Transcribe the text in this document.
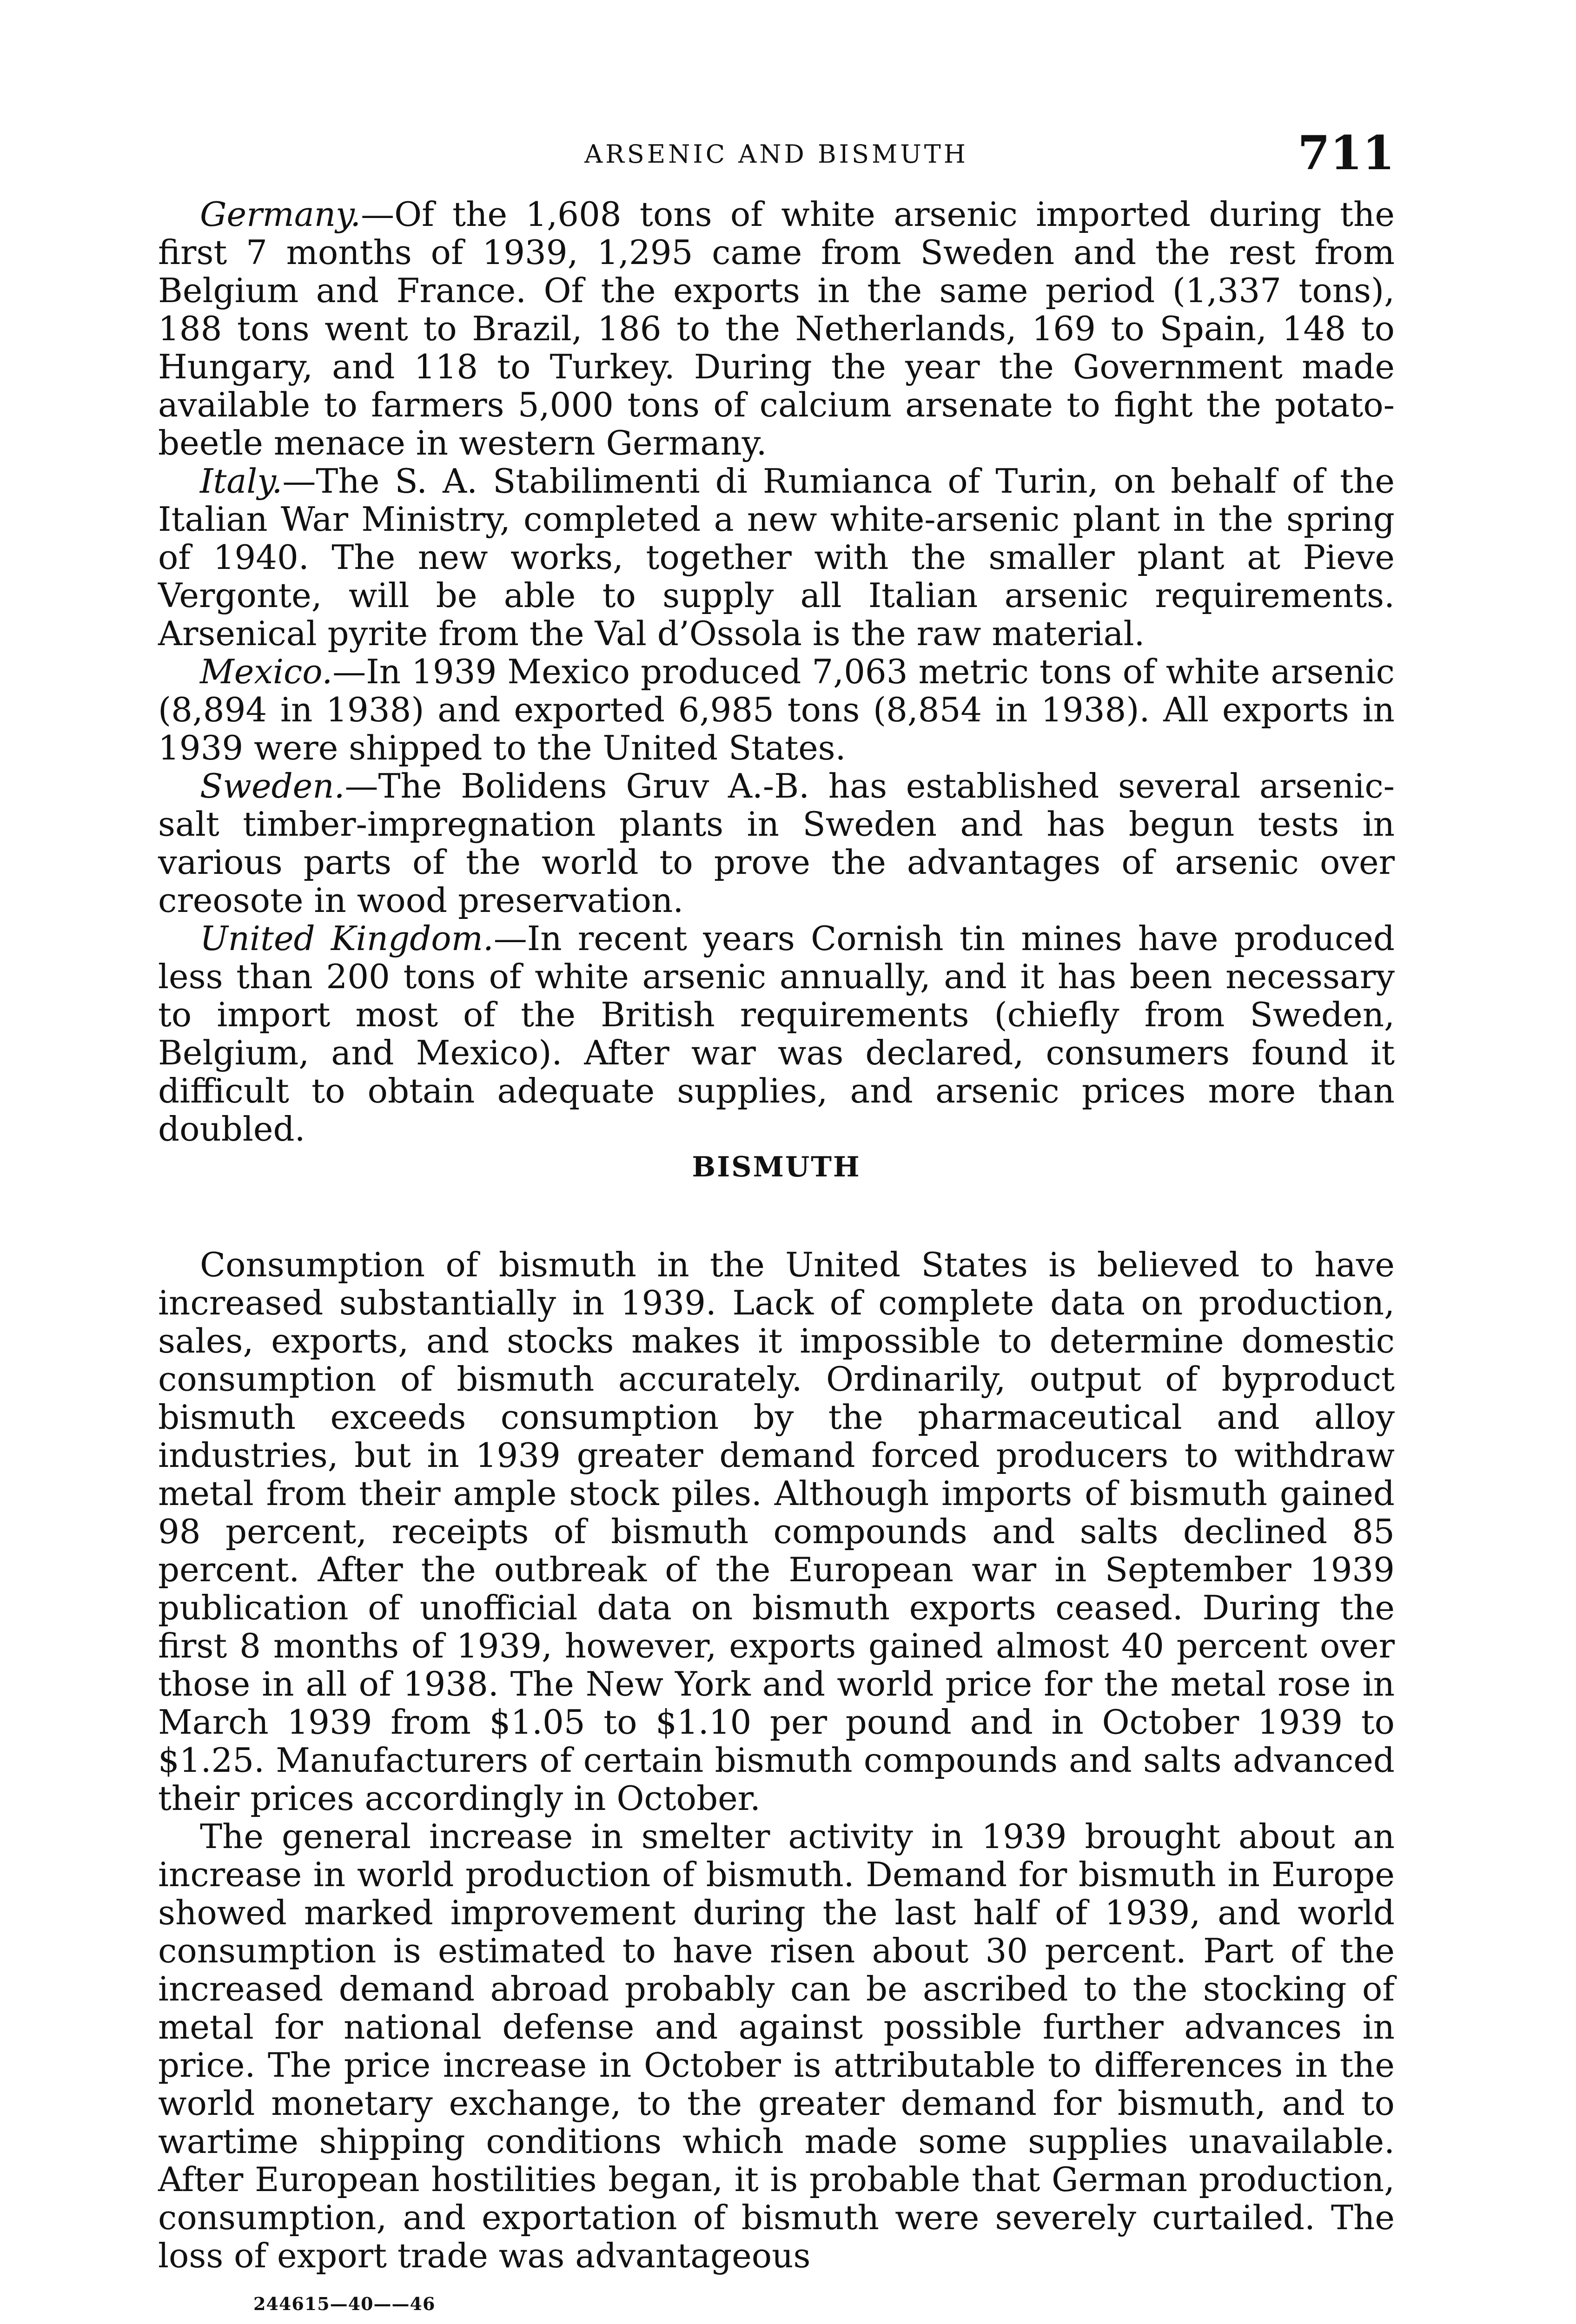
ARSENIC AND BISMUTH	711

Germany.—Of the 1,608 tons of white arsenic imported during the first 7 months of 1939, 1,295 came from Sweden and the rest from Belgium and France. Of the exports in the same period (1,337 tons), 188 tons went to Brazil, 186 to the Netherlands, 169 to Spain, 148 to Hungary, and 118 to Turkey. During the year the Government made available to farmers 5,000 tons of calcium arsenate to fight the potato-beetle menace in western Germany.

Italy.—The S. A. Stabilimenti di Rumianca of Turin, on behalf of the Italian War Ministry, completed a new white-arsenic plant in the spring of 1940. The new works, together with the smaller plant at Pieve Vergonte, will be able to supply all Italian arsenic requirements. Arsenical pyrite from the Val d’Ossola is the raw material.

Mexico.—In 1939 Mexico produced 7,063 metric tons of white arsenic (8,894 in 1938) and exported 6,985 tons (8,854 in 1938). All exports in 1939 were shipped to the United States.

Sweden.—The Bolidens Gruv A.-B. has established several arsenic-salt timber-impregnation plants in Sweden and has begun tests in various parts of the world to prove the advantages of arsenic over creosote in wood preservation.

United Kingdom.—In recent years Cornish tin mines have produced less than 200 tons of white arsenic annually, and it has been necessary to import most of the British requirements (chiefly from Sweden, Belgium, and Mexico). After war was declared, consumers found it difficult to obtain adequate supplies, and arsenic prices more than doubled.

BISMUTH

Consumption of bismuth in the United States is believed to have increased substantially in 1939. Lack of complete data on production, sales, exports, and stocks makes it impossible to determine domestic consumption of bismuth accurately. Ordinarily, output of byproduct bismuth exceeds consumption by the pharmaceutical and alloy industries, but in 1939 greater demand forced producers to withdraw metal from their ample stock piles. Although imports of bismuth gained 98 percent, receipts of bismuth compounds and salts declined 85 percent. After the outbreak of the European war in September 1939 publication of unofficial data on bismuth exports ceased. During the first 8 months of 1939, however, exports gained almost 40 percent over those in all of 1938. The New York and world price for the metal rose in March 1939 from $1.05 to $1.10 per pound and in October 1939 to $1.25. Manufacturers of certain bismuth compounds and salts advanced their prices accordingly in October.

The general increase in smelter activity in 1939 brought about an increase in world production of bismuth. Demand for bismuth in Europe showed marked improvement during the last half of 1939, and world consumption is estimated to have risen about 30 percent. Part of the increased demand abroad probably can be ascribed to the stocking of metal for national defense and against possible further advances in price. The price increase in October is attributable to differences in the world monetary exchange, to the greater demand for bismuth, and to wartime shipping conditions which made some supplies unavailable. After European hostilities began, it is probable that German production, consumption, and exportation of bismuth were severely curtailed. The loss of export trade was advantageous

244615—40——46
